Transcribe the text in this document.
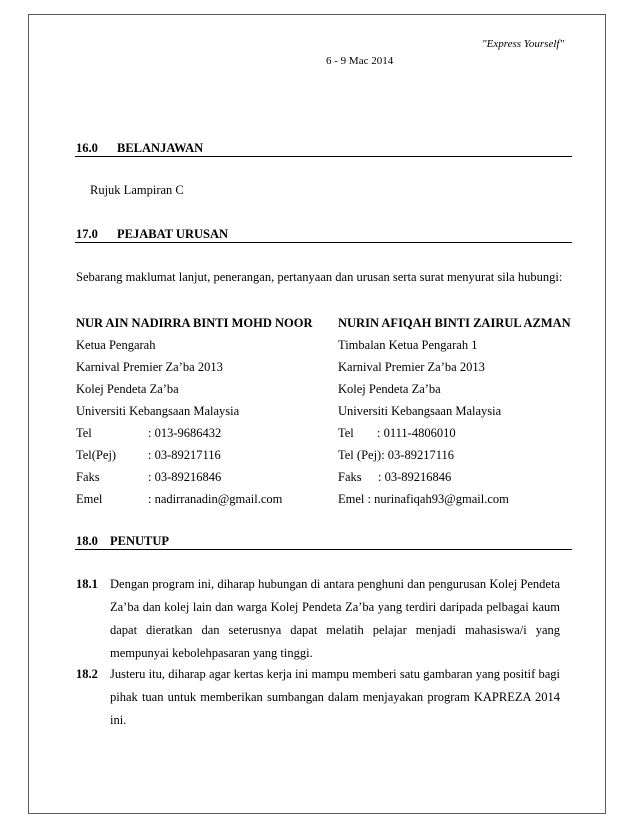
"Express Yourself"
6 - 9 Mac 2014
16.0 BELANJAWAN
Rujuk Lampiran C
17.0 PEJABAT URUSAN
Sebarang maklumat lanjut, penerangan, pertanyaan dan urusan serta surat menyurat sila hubungi:
NUR AIN NADIRRA BINTI MOHD NOOR
Ketua Pengarah
Karnival Premier Za’ba 2013
Kolej Pendeta Za’ba
Universiti Kebangsaan Malaysia
Tel	: 013-9686432
Tel(Pej)	: 03-89217116
Faks	: 03-89216846
Emel	: nadirranadin@gmail.com
NURIN AFIQAH BINTI ZAIRUL AZMAN
Timbalan Ketua Pengarah 1
Karnival Premier Za’ba 2013
Kolej Pendeta Za’ba
Universiti Kebangsaan Malaysia
Tel : 0111-4806010
Tel (Pej): 03-89217116
Faks : 03-89216846
Emel : nurinafiqah93@gmail.com
18.0 PENUTUP
18.1 Dengan program ini, diharap hubungan di antara penghuni dan pengurusan Kolej Pendeta
Za’ba dan kolej lain dan warga Kolej Pendeta Za’ba yang terdiri daripada pelbagai kaum
dapat dieratkan dan seterusnya dapat melatih pelajar menjadi mahasiswa/i yang
mempunyai kebolehpasaran yang tinggi.
18.2 Justeru itu, diharap agar kertas kerja ini mampu memberi satu gambaran yang positif bagi
pihak tuan untuk memberikan sumbangan dalam menjayakan program KAPREZA 2014
ini.
